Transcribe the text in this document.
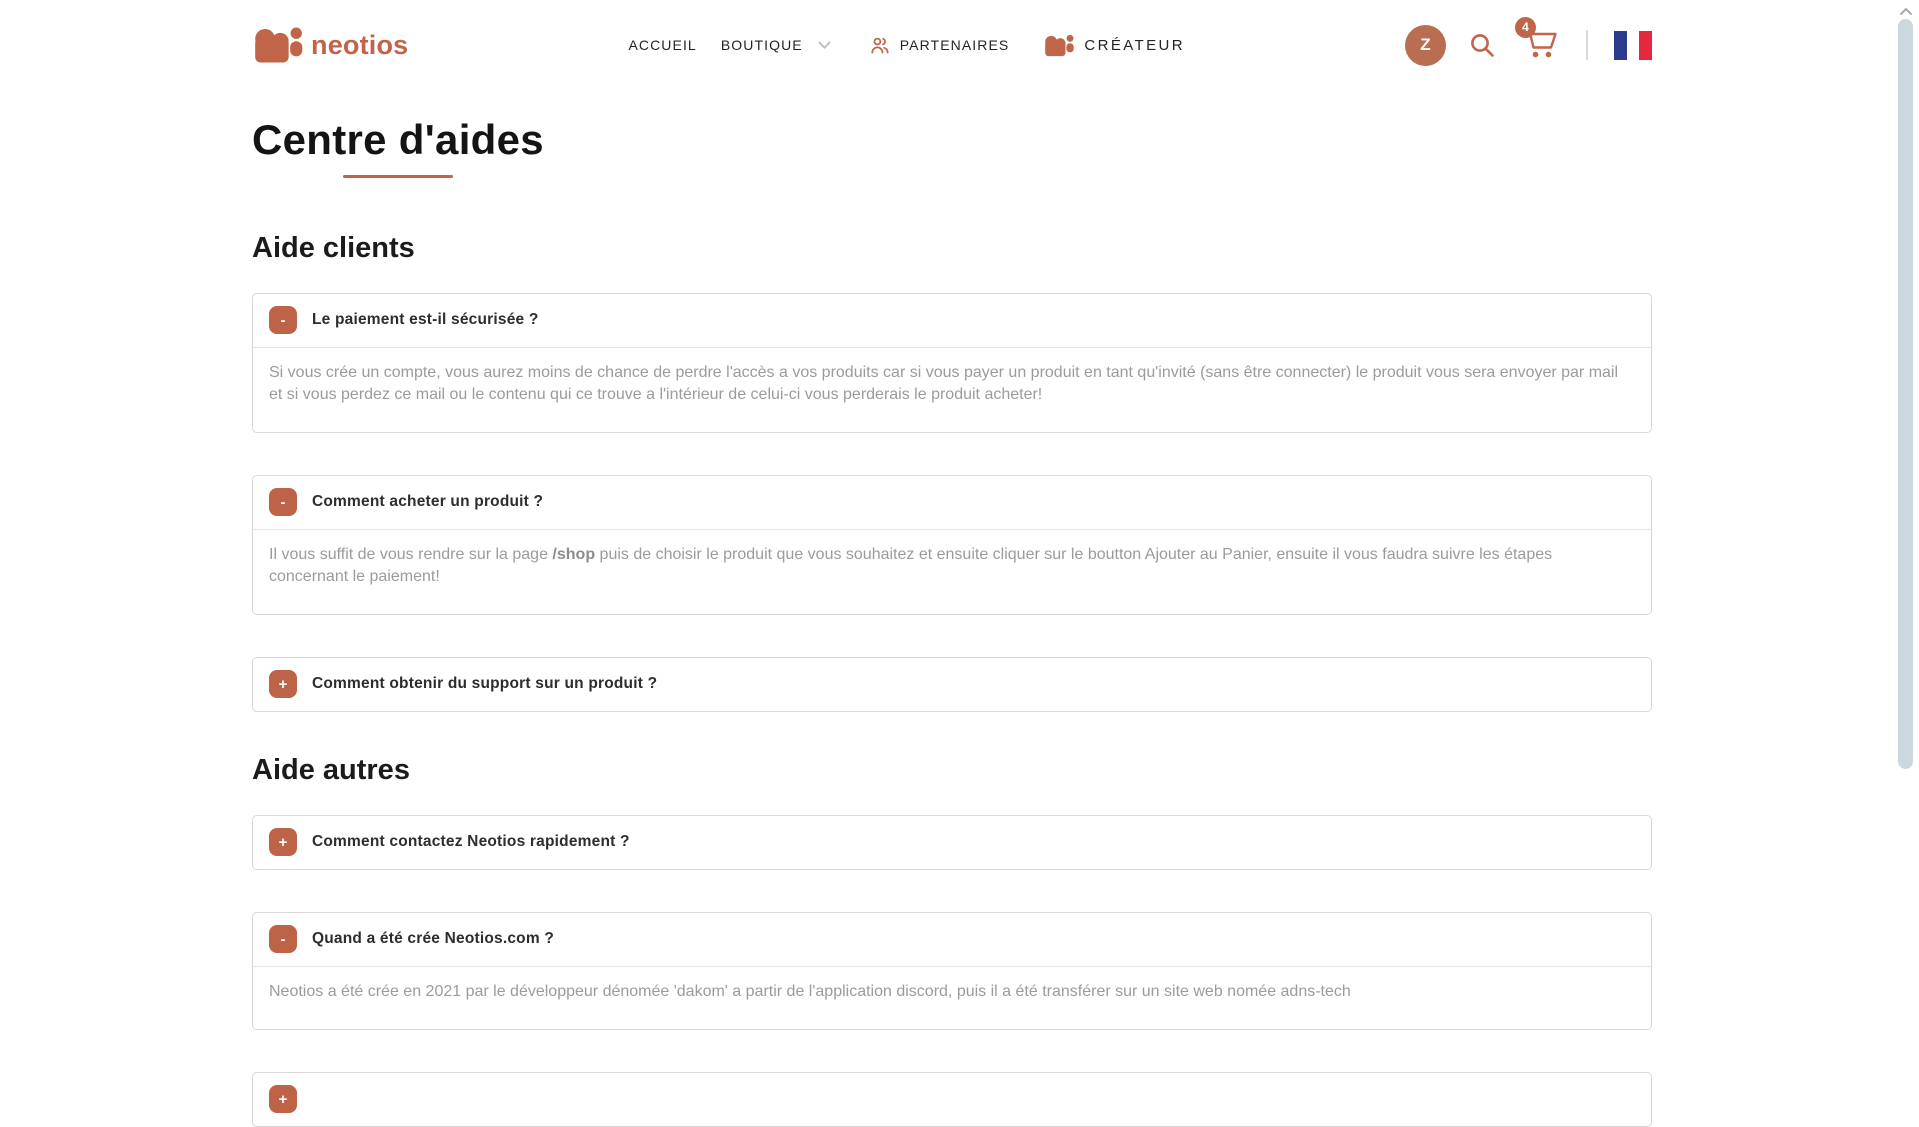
neotios	ACCUEIL BOUTIQUE	PARTENAIRES	CRÉATEUR	Z
4
Centre d'aides
Aide clients
-	Le paiement est-il sécurisée ?
Si vous crée un compte, vous aurez moins de chance de perdre l'accès a vos produits car si vous payer un produit en tant qu'invité (sans être connecter) le produit vous sera envoyer par mail et si vous perdez ce mail ou le contenu qui ce trouve a l'intérieur de celui-ci vous perderais le produit acheter!
-	Comment acheter un produit ?
Il vous suffit de vous rendre sur la page /shop puis de choisir le produit que vous souhaitez et ensuite cliquer sur le boutton Ajouter au Panier, ensuite il vous faudra suivre les étapes concernant le paiement!
+	Comment obtenir du support sur un produit ?
Aide autres
+	Comment contactez Neotios rapidement ?
-	Quand a été crée Neotios.com ?
Neotios a été crée en 2021 par le développeur dénomée 'dakom' a partir de l'application discord, puis il a été transférer sur un site web nomée adns-tech
+
